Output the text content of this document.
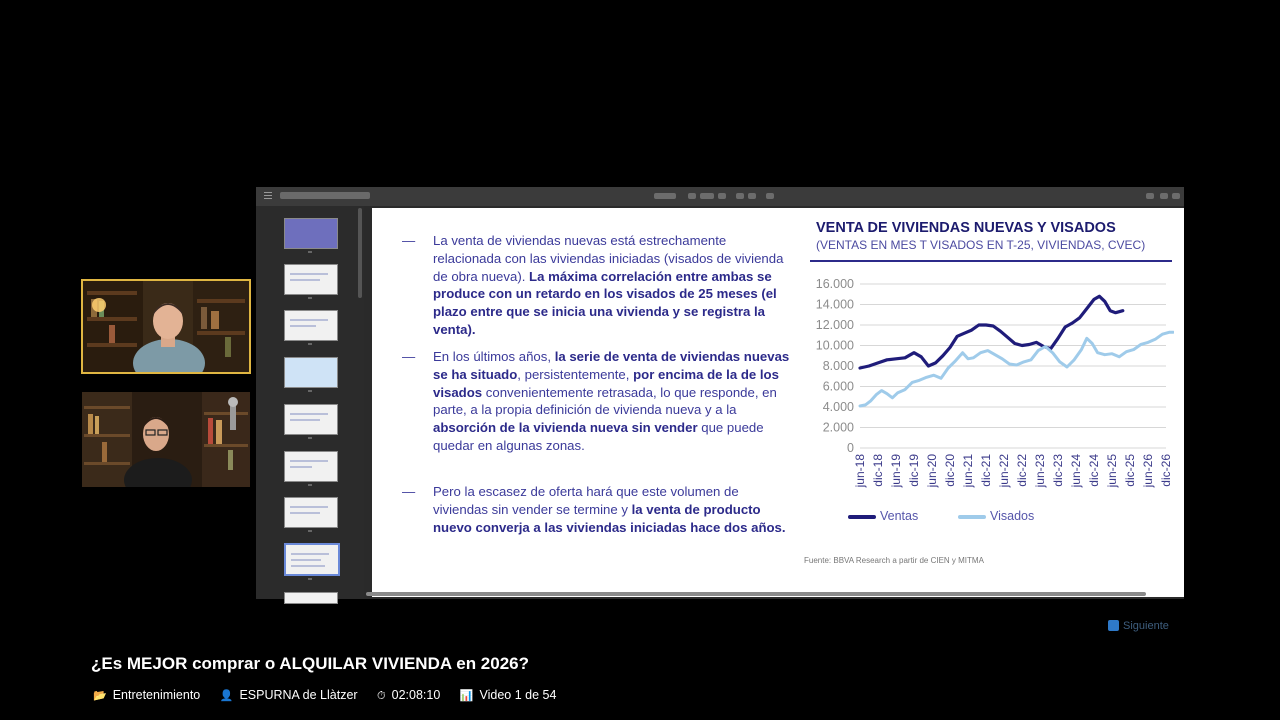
— La venta de viviendas nuevas está estrechamente relacionada con las viviendas iniciadas (visados de vivienda de obra nueva). La máxima correlación entre ambas se produce con un retardo en los visados de 25 meses (el plazo entre que se inicia una vivienda y se registra la venta).
— En los últimos años, la serie de venta de viviendas nuevas se ha situado, persistentemente, por encima de la de los visados convenientemente retrasada, lo que responde, en parte, a la propia definición de vivienda nueva y a la absorción de la vivienda nueva sin vender que puede quedar en algunas zonas.
— Pero la escasez de oferta hará que este volumen de viviendas sin vender se termine y la venta de producto nuevo converja a las viviendas iniciadas hace dos años.
VENTA DE VIVIENDAS NUEVAS Y VISADOS
(VENTAS EN MES T VISADOS EN T-25, VIVIENDAS, CVEC)
0
2.000
4.000
6.000
8.000
10.000
12.000
14.000
16.000
jun-18 dic-18 jun-19 dic-19 jun-20 dic-20 jun-21 dic-21 jun-22 dic-22 jun-23 dic-23 jun-24 dic-24 jun-25 dic-25 jun-26 dic-26
Ventas	Visados
Fuente: BBVA Research a partir de CIEN y MITMA
Siguiente
¿Es MEJOR comprar o ALQUILAR VIVIENDA en 2026?
📂 Entretenimiento 👤 ESPURNA de Llàtzer ⏱ 02:08:10 📊 Video 1 de 54
